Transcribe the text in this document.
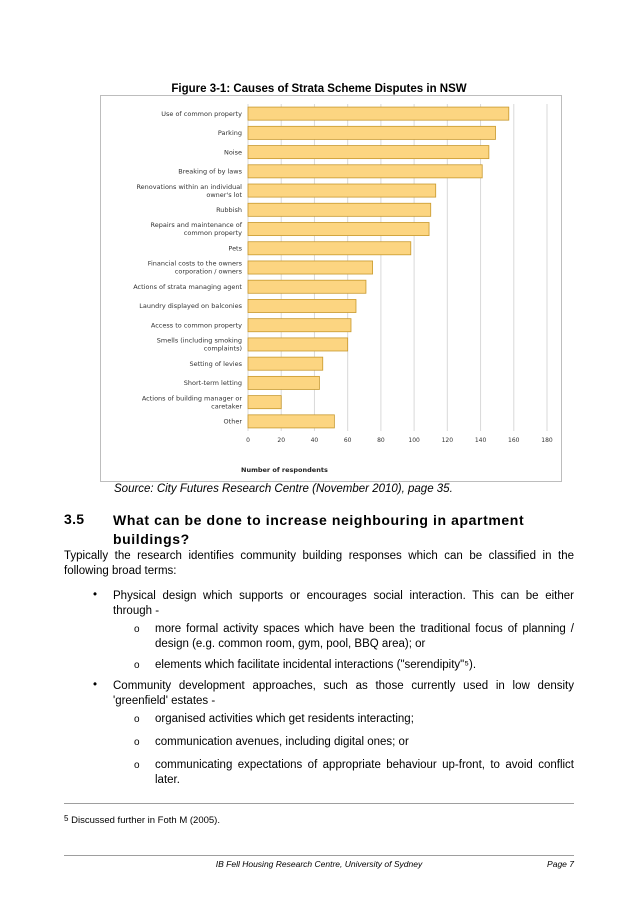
Figure 3-1: Causes of Strata Scheme Disputes in NSW
0	20	40	60	80	100	120	140	160	180
Use of common property
Parking
Noise
Breaking of by laws
Renovations within an individual
owner's lot
Rubbish
Repairs and maintenance of
common property
Pets
Financial costs to the owners
corporation / owners
Actions of strata managing agent
Laundry displayed on balconies
Access to common property
Smells (including smoking
complaints)
Setting of levies
Short-term letting
Actions of building manager or
caretaker
Other
Number of respondents
Source: City Futures Research Centre (November 2010), page 35.
3.5 What can be done to increase neighbouring in apartment buildings?
Typically the research identifies community building responses which can be classified in the following broad terms:
• Physical design which supports or encourages social interaction. This can be either through -
o more formal activity spaces which have been the traditional focus of planning / design (e.g. common room, gym, pool, BBQ area); or
o elements which facilitate incidental interactions ("serendipity"⁵).
• Community development approaches, such as those currently used in low density 'greenfield' estates -
o organised activities which get residents interacting;
o communication avenues, including digital ones; or
o communicating expectations of appropriate behaviour up-front, to avoid conflict later.
$^5$ Discussed further in Foth M (2005).
IB Fell Housing Research Centre, University of Sydney	Page 7
